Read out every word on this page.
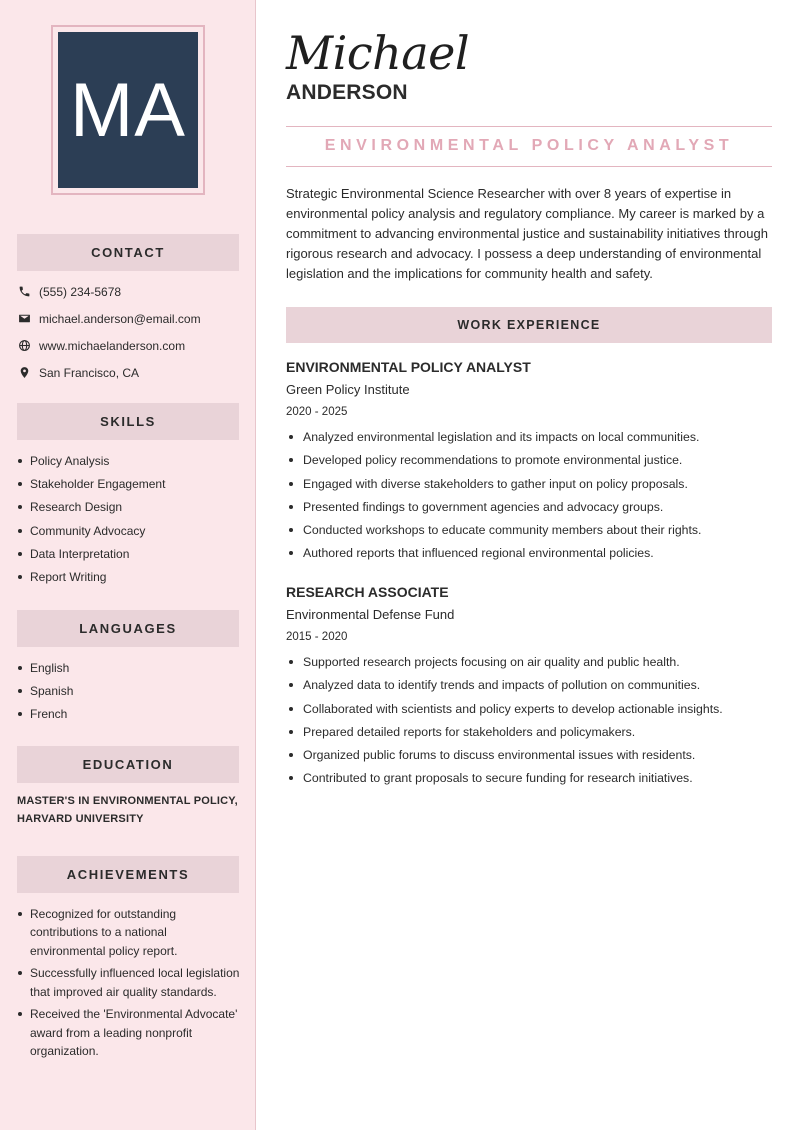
MA
CONTACT
(555) 234-5678
michael.anderson@email.com
www.michaelanderson.com
San Francisco, CA
SKILLS
Policy Analysis
Stakeholder Engagement
Research Design
Community Advocacy
Data Interpretation
Report Writing
LANGUAGES
English
Spanish
French
EDUCATION
MASTER'S IN ENVIRONMENTAL POLICY, HARVARD UNIVERSITY
ACHIEVEMENTS
Recognized for outstanding contributions to a national environmental policy report.
Successfully influenced local legislation that improved air quality standards.
Received the 'Environmental Advocate' award from a leading nonprofit organization.
Michael
ANDERSON
ENVIRONMENTAL POLICY ANALYST

Strategic Environmental Science Researcher with over 8 years of expertise in environmental policy analysis and regulatory compliance. My career is marked by a commitment to advancing environmental justice and sustainability initiatives through rigorous research and advocacy. I possess a deep understanding of environmental legislation and the implications for community health and safety.

WORK EXPERIENCE
ENVIRONMENTAL POLICY ANALYST
Green Policy Institute
2020 - 2025
Analyzed environmental legislation and its impacts on local communities.
Developed policy recommendations to promote environmental justice.
Engaged with diverse stakeholders to gather input on policy proposals.
Presented findings to government agencies and advocacy groups.
Conducted workshops to educate community members about their rights.
Authored reports that influenced regional environmental policies.
RESEARCH ASSOCIATE
Environmental Defense Fund
2015 - 2020
Supported research projects focusing on air quality and public health.
Analyzed data to identify trends and impacts of pollution on communities.
Collaborated with scientists and policy experts to develop actionable insights.
Prepared detailed reports for stakeholders and policymakers.
Organized public forums to discuss environmental issues with residents.
Contributed to grant proposals to secure funding for research initiatives.
